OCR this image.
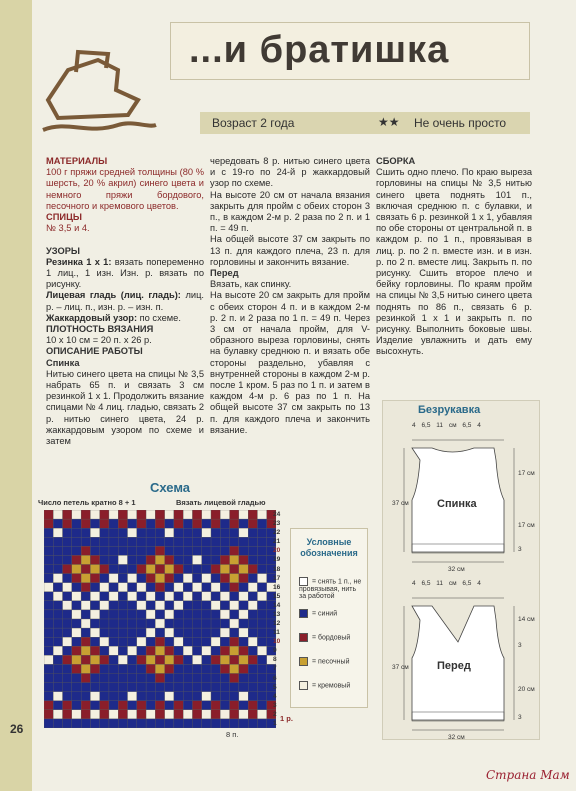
26
...и братишка
Возраст 2 года	★★ Не очень просто
МАТЕРИАЛЫ

100 г пряжи средней толщины (80 % шерсть, 20 % акрил) синего цвета и немного пряжи бордового, песочного и кремового цветов.

СПИЦЫ

№ 3,5 и 4.

УЗОРЫ

Резинка 1 х 1: вязать попеременно 1 лиц., 1 изн. Изн. р. вязать по рисунку.

Лицевая гладь (лиц. гладь): лиц. р. – лиц. п., изн. р. – изн. п.

Жаккардовый узор: по схеме.

ПЛОТНОСТЬ ВЯЗАНИЯ

10 х 10 см = 20 п. х 26 р.

ОПИСАНИЕ РАБОТЫ
Спинка

Нитью синего цвета на спицы № 3,5 набрать 65 п. и связать 3 см резинкой 1 х 1. Продолжить вязание спицами № 4 лиц. гладью, связать 2 р. нитью синего цвета, 24 р. жаккардовым узором по схеме и затем

чередовать 8 р. нитью синего цвета и с 19-го по 24-й р жаккардовый узор по схеме.

На высоте 20 см от начала вязания закрыть для пройм с обеих сторон 3 п., в каждом 2-м р. 2 раза по 2 п. и 1 п. = 49 п.

На общей высоте 37 см закрыть по 13 п. для каждого плеча, 23 п. для горловины и закончить вязание.

Перед

Вязать, как спинку.

На высоте 20 см закрыть для пройм с обеих сторон 4 п. и в каждом 2-м р. 2 п. и 2 раза по 1 п. = 49 п. Через 3 см от начала пройм, для V-образного выреза горловины, снять на булавку среднюю п. и вязать обе стороны раздельно, убавляя с внутренней стороны в каждом 2-м р. после 1 кром. 5 раз по 1 п. и затем в каждом 4-м р. 6 раз по 1 п. На общей высоте 37 см закрыть по 13 п. для каждого плеча и закончить вязание.

СБОРКА

Сшить одно плечо. По краю выреза горловины на спицы № 3,5 нитью синего цвета поднять 101 п., включая среднюю п. с булавки, и связать 6 р. резинкой 1 х 1, убавляя по обе стороны от центральной п. в каждом р. по 1 п., провязывая в лиц. р. по 2 п. вместе изн. и в изн. р. по 2 п. вместе лиц. Закрыть п. по рисунку. Сшить второе плечо и бейку горловины. По краям пройм на спицы № 3,5 нитью синего цвета поднять по 86 п., связать 6 р. резинкой 1 х 1 и закрыть п. по рисунку. Выполнить боковые швы. Изделие увлажнить и дать ему высохнуть.

Схема
Число петель кратно 8 + 1	Вязать лицевой гладью
24
23
22
21
20
19
18
17
16
15
14
13
12
11
10
9
8
7
6
5
4
3
2
1
1 р.
8 п.
Условные обозначения
= снять 1 п., не провязывая, нить за работой
= синий
= бордовый
= песочный
= кремовый
Безрукавка
4 6,5 11 см 6,5 4
4 6,5 11 см 6,5 4
Спинка
Перед
17 см
17 см
3
14 см
3
20 см
3
37 см
37 см
32 см
32 см
Страна Мам
